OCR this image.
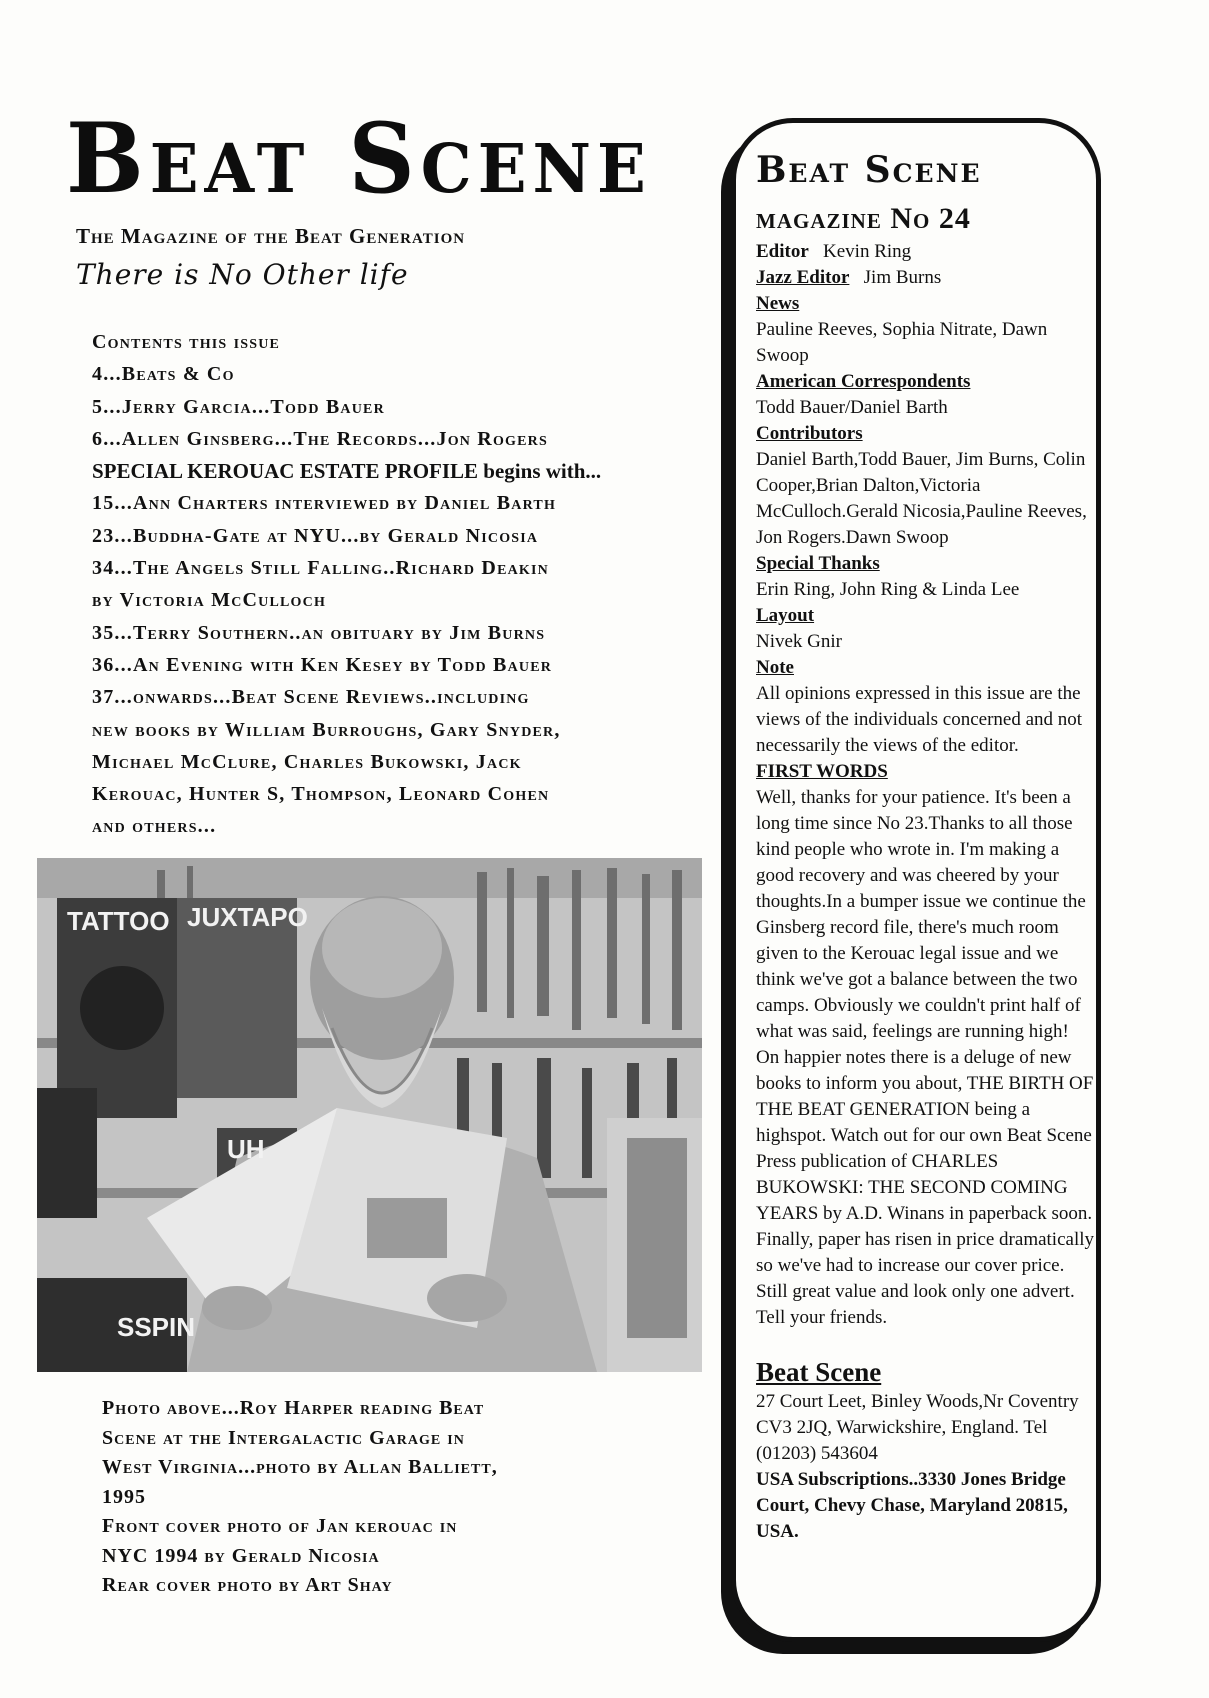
Beat Scene
The Magazine of the Beat Generation
There is No Other life
Contents this issue
4...Beats & Co
5...Jerry Garcia...Todd Bauer
6...Allen Ginsberg...The Records...Jon Rogers
SPECIAL KEROUAC ESTATE PROFILE begins with...
15...Ann Charters interviewed by Daniel Barth
23...Buddha-Gate at NYU...by Gerald Nicosia
34...The Angels Still Falling..Richard Deakin
by Victoria McCulloch
35...Terry Southern..an obituary by Jim Burns
36...An Evening with Ken Kesey by Todd Bauer
37...onwards...Beat Scene Reviews..including
new books by William Burroughs, Gary Snyder,
Michael McClure, Charles Bukowski, Jack
Kerouac, Hunter S, Thompson, Leonard Cohen
and others...
TATTOO JUXTAPO
SSPIN
UH
Photo above...Roy Harper reading Beat
Scene at the Intergalactic Garage in
West Virginia...photo by Allan Balliett,
1995
Front cover photo of Jan kerouac in
NYC 1994 by Gerald Nicosia
Rear cover photo by Art Shay
Beat Scene
magazine No 24
Editor Kevin Ring
Jazz Editor Jim Burns
News
Pauline Reeves, Sophia Nitrate, Dawn Swoop
American Correspondents
Todd Bauer/Daniel Barth
Contributors
Daniel Barth,Todd Bauer, Jim Burns, Colin Cooper,Brian Dalton,Victoria McCulloch.Gerald Nicosia,Pauline Reeves, Jon Rogers.Dawn Swoop
Special Thanks
Erin Ring, John Ring & Linda Lee
Layout
Nivek Gnir
Note
All opinions expressed in this issue are the views of the individuals concerned and not necessarily the views of the editor.
FIRST WORDS
Well, thanks for your patience. It's been a long time since No 23.Thanks to all those kind people who wrote in. I'm making a good recovery and was cheered by your thoughts.In a bumper issue we continue the Ginsberg record file, there's much room given to the Kerouac legal issue and we think we've got a balance between the two camps. Obviously we couldn't print half of what was said, feelings are running high! On happier notes there is a deluge of new books to inform you about, THE BIRTH OF THE BEAT GENERATION being a highspot. Watch out for our own Beat Scene Press publication of CHARLES BUKOWSKI: THE SECOND COMING YEARS by A.D. Winans in paperback soon. Finally, paper has risen in price dramatically so we've had to increase our cover price. Still great value and look only one advert. Tell your friends.
Beat Scene
27 Court Leet, Binley Woods,Nr Coventry CV3 2JQ, Warwickshire, England. Tel (01203) 543604
USA Subscriptions..3330 Jones Bridge Court, Chevy Chase, Maryland 20815, USA.
